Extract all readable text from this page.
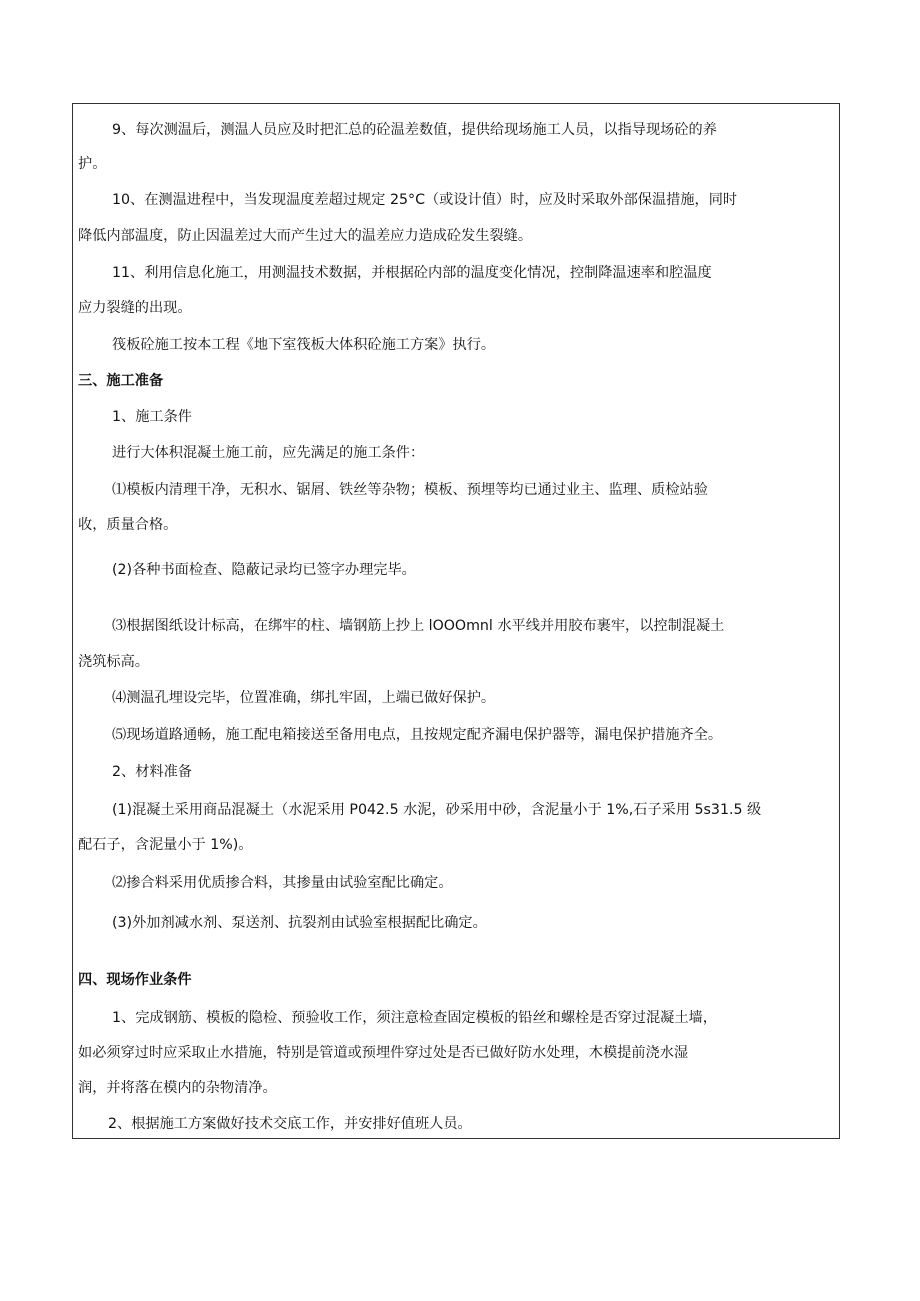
9、每次测温后，测温人员应及时把汇总的砼温差数值，提供给现场施工人员，以指导现场砼的养
护。
10、在测温进程中，当发现温度差超过规定 25°C（或设计值）时，应及时采取外部保温措施，同时
降低内部温度，防止因温差过大而产生过大的温差应力造成砼发生裂缝。
11、利用信息化施工，用测温技术数据，并根据砼内部的温度变化情况，控制降温速率和腔温度
应力裂缝的出现。
筏板砼施工按本工程《地下室筏板大体积砼施工方案》执行。
三、施工准备
1、施工条件
进行大体积混凝土施工前，应先满足的施工条件：
⑴模板内清理干净，无积水、锯屑、铁丝等杂物；模板、预埋等均已通过业主、监理、质检站验
收，质量合格。
(2)各种书面检查、隐蔽记录均已签字办理完毕。
⑶根据图纸设计标高，在绑牢的柱、墙钢筋上抄上 lOOOmnl 水平线并用胶布裹牢，以控制混凝土
浇筑标高。
⑷测温孔埋设完毕，位置准确，绑扎牢固，上端已做好保护。
⑸现场道路通畅，施工配电箱接送至备用电点，且按规定配齐漏电保护器等，漏电保护措施齐全。
2、材料准备
(1)混凝土采用商品混凝土（水泥采用 P042.5 水泥，砂采用中砂，含泥量小于 1%,石子采用 5s31.5 级
配石子，含泥量小于 1%)。
⑵掺合料采用优质掺合料，其掺量由试验室配比确定。
(3)外加剂减水剂、泵送剂、抗裂剂由试验室根据配比确定。
四、现场作业条件
1、完成钢筋、模板的隐检、预验收工作，须注意检查固定模板的铅丝和螺栓是否穿过混凝土墙，
如必须穿过时应采取止水措施，特别是管道或预埋件穿过处是否已做好防水处理，木模提前浇水湿
润，并将落在模内的杂物清净。
2、根据施工方案做好技术交底工作，并安排好值班人员。
